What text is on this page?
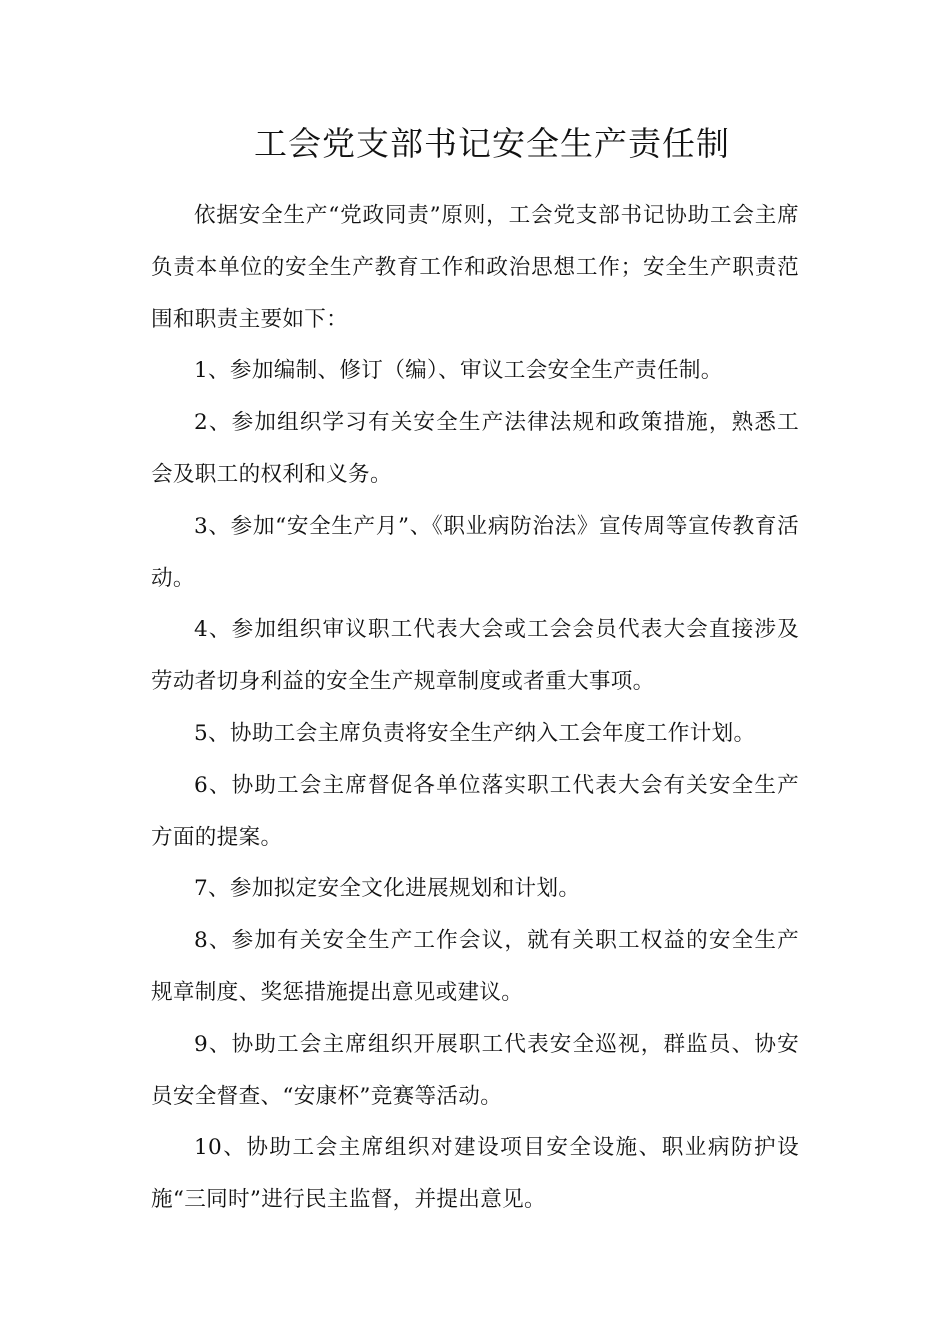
工会党支部书记安全生产责任制

依据安全生产“党政同责”原则，工会党支部书记协助工会主席负责本单位的安全生产教育工作和政治思想工作；安全生产职责范围和职责主要如下：

1、参加编制、修订（编）、审议工会安全生产责任制。

2、参加组织学习有关安全生产法律法规和政策措施，熟悉工会及职工的权利和义务。

3、参加“安全生产月”、《职业病防治法》宣传周等宣传教育活动。

4、参加组织审议职工代表大会或工会会员代表大会直接涉及劳动者切身利益的安全生产规章制度或者重大事项。

5、协助工会主席负责将安全生产纳入工会年度工作计划。

6、协助工会主席督促各单位落实职工代表大会有关安全生产方面的提案。

7、参加拟定安全文化进展规划和计划。

8、参加有关安全生产工作会议，就有关职工权益的安全生产规章制度、奖惩措施提出意见或建议。

9、协助工会主席组织开展职工代表安全巡视，群监员、协安员安全督查、“安康杯”竞赛等活动。

10、协助工会主席组织对建设项目安全设施、职业病防护设施“三同时”进行民主监督，并提出意见。
